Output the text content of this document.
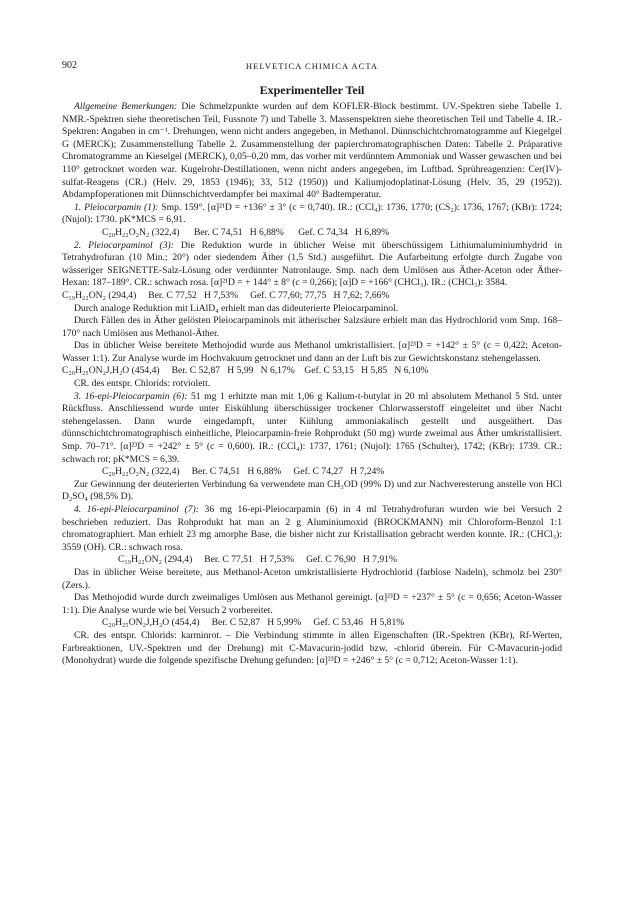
902	HELVETICA CHIMICA ACTA
Experimenteller Teil

Allgemeine Bemerkungen: Die Schmelzpunkte wurden auf dem KOFLER-Block bestimmt. UV.-Spektren siehe Tabelle 1. NMR.-Spektren siehe theoretischen Teil, Fussnote 7) und Tabelle 3. Massenspektren siehe theoretischen Teil und Tabelle 4. IR.-Spektren: Angaben in cm⁻¹. Drehungen, wenn nicht anders angegeben, in Methanol. Dünnschichtchromatogramme auf Kiegelgel G (MERCK); Zusammenstellung Tabelle 2. Zusammenstellung der papierchromatographischen Daten: Tabelle 2. Präparative Chromatogramme an Kieselgel (MERCK), 0,05–0,20 mm, das vorher mit verdünntem Ammoniak und Wasser gewaschen und bei 110° getrocknet worden war. Kugelrohr-Destillationen, wenn nicht anders angegeben, im Luftbad. Sprühreagenzien: Cer(IV)-sulfat-Reagens (CR.) (Helv. 29, 1853 (1946); 33, 512 (1950)) und Kaliumjodoplatinat-Lösung (Helv. 35, 29 (1952)). Abdampfoperationen mit Dünnschichtverdampfer bei maximal 40° Badtemperatur.

1. Pleiocarpamin (1): Smp. 159°. [α]²¹D = +136° ± 3° (c = 0,740). IR.: (CCl₄): 1736, 1770; (CS₂): 1736, 1767; (KBr): 1724; (Nujol): 1730. pK*MCS = 6,91.

C₂₀H₂₂O₂N₂ (322,4)      Ber. C 74,51   H 6,88%      Gef. C 74,34   H 6,89%

2. Pleiocarpaminol (3): Die Reduktion wurde in üblicher Weise mit überschüssigem Lithiumaluminiumhydrid in Tetrahydrofuran (10 Min.; 20°) oder siedendem Äther (1,5 Std.) ausgeführt. Die Aufarbeitung erfolgte durch Zugabe von wässeriger SEIGNETTE-Salz-Lösung oder verdünnter Natronlauge. Smp. nach dem Umlösen aus Äther-Aceton oder Äther-Hexan: 187–189°. CR.: schwach rosa. [α]²¹D = + 144° ± 8° (c = 0,266); [α]D = +166° (CHCl₃). IR.: (CHCl₃): 3584.

C₁₉H₂₂ON₂ (294,4)     Ber. C 77,52   H 7,53%     Gef. C 77,60; 77,75   H 7,62; 7,66%

Durch analoge Reduktion mit LiAlD₄ erhielt man das dideuterierte Pleiocarpaminol.

Durch Fällen des in Äther gelösten Pleiocarpaminols mit ätherischer Salzsäure erhielt man das Hydrochlorid vom Smp. 168–170° nach Umlösen aus Methanol-Äther.

Das in üblicher Weise bereitete Methojodid wurde aus Methanol umkristallisiert. [α]²³D = +142° ± 5° (c = 0,422; Aceton-Wasser 1:1). Zur Analyse wurde im Hochvakuum getrocknet und dann an der Luft bis zur Gewichtskonstanz stehengelassen.

C₂₀H₂₅ON₂J,H₂O (454,4)     Ber. C 52,87   H 5,99   N 6,17%    Gef. C 53,15   H 5,85   N 6,10%

CR. des entspr. Chlorids: rotviolett.

3. 16-epi-Pleiocarpamin (6): 51 mg 1 erhitzte man mit 1,06 g Kalium-t-butylat in 20 ml absolutem Methanol 5 Std. unter Rückfluss. Anschliessend wurde unter Eiskühlung überschüssiger trockener Chlorwasserstoff eingeleitet und über Nacht stehengelassen. Dann wurde eingedampft, unter Kühlung ammoniakalisch gestellt und ausgeäthert. Das dünnschichtchromatographisch einheitliche, Pleiocarpamin-freie Rohprodukt (50 mg) wurde zweimal aus Äther umkristallisiert. Smp. 70–71°. [α]²³D = +242° ± 5° (c = 0,600). IR.: (CCl₄): 1737, 1761; (Nujol): 1765 (Schulter), 1742; (KBr): 1739. CR.: schwach rot; pK*MCS = 6,39.

C₂₀H₂₂O₂N₂ (322,4)     Ber. C 74,51   H 6,88%     Gef. C 74,27   H 7,24%

Zur Gewinnung der deuterierten Verbindung 6a verwendete man CH₃OD (99% D) und zur Nachveresterung anstelle von HCl D₂SO₄ (98,5% D).

4. 16-epi-Pleiocarpaminol (7): 36 mg 16-epi-Pleiocarpamin (6) in 4 ml Tetrahydrofuran wurden wie bei Versuch 2 beschrieben reduziert. Das Rohprodukt hat man an 2 g Aluminiumoxid (BROCKMANN) mit Chloroform-Benzol 1:1 chromatographiert. Man erhielt 23 mg amorphe Base, die bisher nicht zur Kristallisation gebracht werden konnte. IR.: (CHCl₃): 3559 (OH). CR.: schwach rosa.

C₁₉H₂₂ON₂ (294,4)     Ber. C 77,51   H 7,53%     Gef. C 76,90   H 7,91%

Das in üblicher Weise bereitete, aus Methanol-Aceton umkristallisierte Hydrochlorid (farblose Nadeln), schmolz bei 230° (Zers.).

Das Methojodid wurde durch zweimaliges Umlösen aus Methanol gereinigt. [α]²³D = +237° ± 5° (c = 0,656; Aceton-Wasser 1:1). Die Analyse wurde wie bei Versuch 2 vorbereitet.

C₂₀H₂₅ON₂J,H₂O (454,4)     Ber. C 52,87   H 5,99%     Gef. C 53,46   H 5,81%

CR. des entspr. Chlorids: karminrot. – Die Verbindung stimmte in allen Eigenschaften (IR.-Spektren (KBr), Rf-Werten, Farbreaktionen, UV.-Spektren und der Drehung) mit C-Mavacurin-jodid bzw. -chlorid überein. Für C-Mavacurin-jodid (Monohydrat) wurde die folgende spezifische Drehung gefunden: [α]²³D = +246° ± 5° (c = 0,712; Aceton-Wasser 1:1).
